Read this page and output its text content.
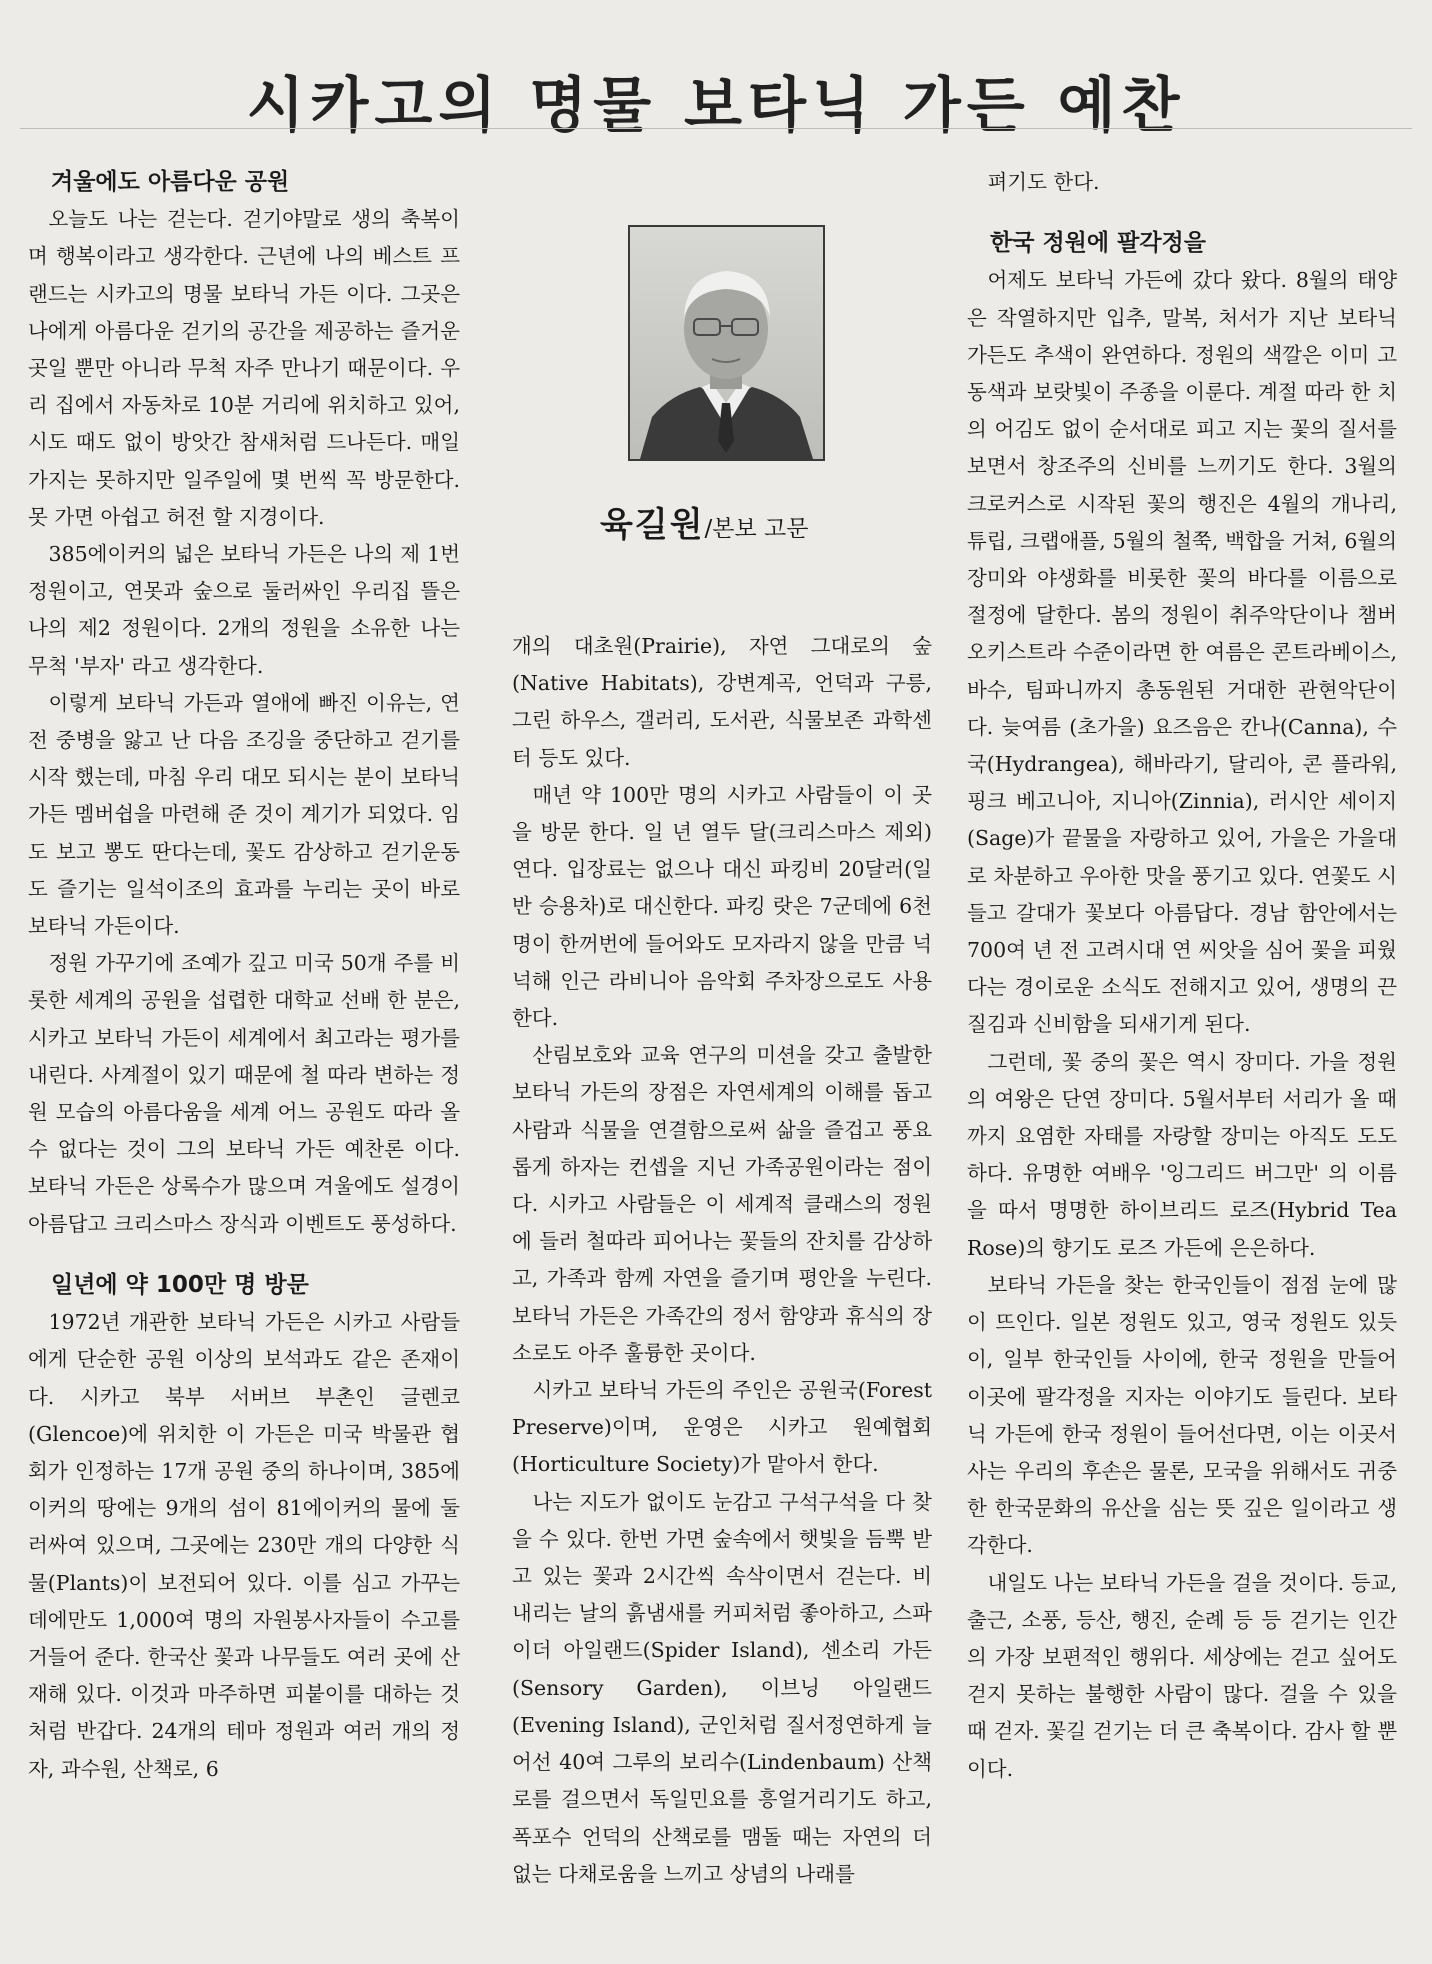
시카고의 명물 보타닉 가든 예찬
겨울에도 아름다운 공원

오늘도 나는 걷는다. 걷기야말로 생의 축복이며 행복이라고 생각한다. 근년에 나의 베스트 프랜드는 시카고의 명물 보타닉 가든 이다. 그곳은 나에게 아름다운 걷기의 공간을 제공하는 즐거운 곳일 뿐만 아니라 무척 자주 만나기 때문이다. 우리 집에서 자동차로 10분 거리에 위치하고 있어, 시도 때도 없이 방앗간 참새처럼 드나든다. 매일 가지는 못하지만 일주일에 몇 번씩 꼭 방문한다. 못 가면 아쉽고 허전 할 지경이다.

385에이커의 넓은 보타닉 가든은 나의 제 1번 정원이고, 연못과 숲으로 둘러싸인 우리집 뜰은 나의 제2 정원이다. 2개의 정원을 소유한 나는 무척 '부자' 라고 생각한다.

이렇게 보타닉 가든과 열애에 빠진 이유는, 연전 중병을 앓고 난 다음 조깅을 중단하고 걷기를 시작 했는데, 마침 우리 대모 되시는 분이 보타닉 가든 멤버쉽을 마련해 준 것이 계기가 되었다. 임도 보고 뽕도 딴다는데, 꽃도 감상하고 걷기운동도 즐기는 일석이조의 효과를 누리는 곳이 바로 보타닉 가든이다.

정원 가꾸기에 조예가 깊고 미국 50개 주를 비롯한 세계의 공원을 섭렵한 대학교 선배 한 분은, 시카고 보타닉 가든이 세계에서 최고라는 평가를 내린다. 사계절이 있기 때문에 철 따라 변하는 정원 모습의 아름다움을 세계 어느 공원도 따라 올수 없다는 것이 그의 보타닉 가든 예찬론 이다. 보타닉 가든은 상록수가 많으며 겨울에도 설경이 아름답고 크리스마스 장식과 이벤트도 풍성하다.

일년에 약 100만 명 방문

1972년 개관한 보타닉 가든은 시카고 사람들에게 단순한 공원 이상의 보석과도 같은 존재이다. 시카고 북부 서버브 부촌인 글렌코(Glencoe)에 위치한 이 가든은 미국 박물관 협회가 인정하는 17개 공원 중의 하나이며, 385에이커의 땅에는 9개의 섬이 81에이커의 물에 둘러싸여 있으며, 그곳에는 230만 개의 다양한 식물(Plants)이 보전되어 있다. 이를 심고 가꾸는 데에만도 1,000여 명의 자원봉사자들이 수고를 거들어 준다. 한국산 꽃과 나무들도 여러 곳에 산재해 있다. 이것과 마주하면 피붙이를 대하는 것처럼 반갑다. 24개의 테마 정원과 여러 개의 정자, 과수원, 산책로, 6

육길원/본보 고문

개의 대초원(Prairie), 자연 그대로의 숲(Native Habitats), 강변계곡, 언덕과 구릉, 그린 하우스, 갤러리, 도서관, 식물보존 과학센터 등도 있다.

매년 약 100만 명의 시카고 사람들이 이 곳을 방문 한다. 일 년 열두 달(크리스마스 제외) 연다. 입장료는 없으나 대신 파킹비 20달러(일반 승용차)로 대신한다. 파킹 랏은 7군데에 6천 명이 한꺼번에 들어와도 모자라지 않을 만큼 넉넉해 인근 라비니아 음악회 주차장으로도 사용 한다.

산림보호와 교육 연구의 미션을 갖고 출발한 보타닉 가든의 장점은 자연세계의 이해를 돕고 사람과 식물을 연결함으로써 삶을 즐겁고 풍요롭게 하자는 컨셉을 지닌 가족공원이라는 점이다. 시카고 사람들은 이 세계적 클래스의 정원에 들러 철따라 피어나는 꽃들의 잔치를 감상하고, 가족과 함께 자연을 즐기며 평안을 누린다. 보타닉 가든은 가족간의 정서 함양과 휴식의 장소로도 아주 훌륭한 곳이다.

시카고 보타닉 가든의 주인은 공원국(Forest Preserve)이며, 운영은 시카고 원예협회(Horticulture Society)가 맡아서 한다.

나는 지도가 없이도 눈감고 구석구석을 다 찾을 수 있다. 한번 가면 숲속에서 햇빛을 듬뿍 받고 있는 꽃과 2시간씩 속삭이면서 걷는다. 비 내리는 날의 흙냄새를 커피처럼 좋아하고, 스파이더 아일랜드(Spider Island), 센소리 가든(Sensory Garden), 이브닝 아일랜드(Evening Island), 군인처럼 질서정연하게 늘어선 40여 그루의 보리수(Lindenbaum) 산책로를 걸으면서 독일민요를 흥얼거리기도 하고, 폭포수 언덕의 산책로를 맴돌 때는 자연의 더 없는 다채로움을 느끼고 상념의 나래를

펴기도 한다.

한국 정원에 팔각정을

어제도 보타닉 가든에 갔다 왔다. 8월의 태양은 작열하지만 입추, 말복, 처서가 지난 보타닉 가든도 추색이 완연하다. 정원의 색깔은 이미 고동색과 보랏빛이 주종을 이룬다. 계절 따라 한 치의 어김도 없이 순서대로 피고 지는 꽃의 질서를 보면서 창조주의 신비를 느끼기도 한다. 3월의 크로커스로 시작된 꽃의 행진은 4월의 개나리, 튜립, 크랩애플, 5월의 철쭉, 백합을 거쳐, 6월의 장미와 야생화를 비롯한 꽃의 바다를 이름으로 절정에 달한다. 봄의 정원이 취주악단이나 챔버 오키스트라 수준이라면 한 여름은 콘트라베이스, 바수, 팀파니까지 총동원된 거대한 관현악단이다. 늦여름 (초가을) 요즈음은 칸나(Canna), 수국(Hydrangea), 해바라기, 달리아, 콘 플라워, 핑크 베고니아, 지니아(Zinnia), 러시안 세이지(Sage)가 끝물을 자랑하고 있어, 가을은 가을대로 차분하고 우아한 맛을 풍기고 있다. 연꽃도 시들고 갈대가 꽃보다 아름답다. 경남 함안에서는 700여 년 전 고려시대 연 씨앗을 심어 꽃을 피웠다는 경이로운 소식도 전해지고 있어, 생명의 끈질김과 신비함을 되새기게 된다.

그런데, 꽃 중의 꽃은 역시 장미다. 가을 정원의 여왕은 단연 장미다. 5월서부터 서리가 올 때까지 요염한 자태를 자랑할 장미는 아직도 도도하다. 유명한 여배우 '잉그리드 버그만' 의 이름을 따서 명명한 하이브리드 로즈(Hybrid Tea Rose)의 향기도 로즈 가든에 은은하다.

보타닉 가든을 찾는 한국인들이 점점 눈에 많이 뜨인다. 일본 정원도 있고, 영국 정원도 있듯이, 일부 한국인들 사이에, 한국 정원을 만들어 이곳에 팔각정을 지자는 이야기도 들린다. 보타닉 가든에 한국 정원이 들어선다면, 이는 이곳서 사는 우리의 후손은 물론, 모국을 위해서도 귀중한 한국문화의 유산을 심는 뜻 깊은 일이라고 생각한다.

내일도 나는 보타닉 가든을 걸을 것이다. 등교, 출근, 소풍, 등산, 행진, 순례 등 등 걷기는 인간의 가장 보편적인 행위다. 세상에는 걷고 싶어도 걷지 못하는 불행한 사람이 많다. 걸을 수 있을 때 걷자. 꽃길 걷기는 더 큰 축복이다. 감사 할 뿐이다.
